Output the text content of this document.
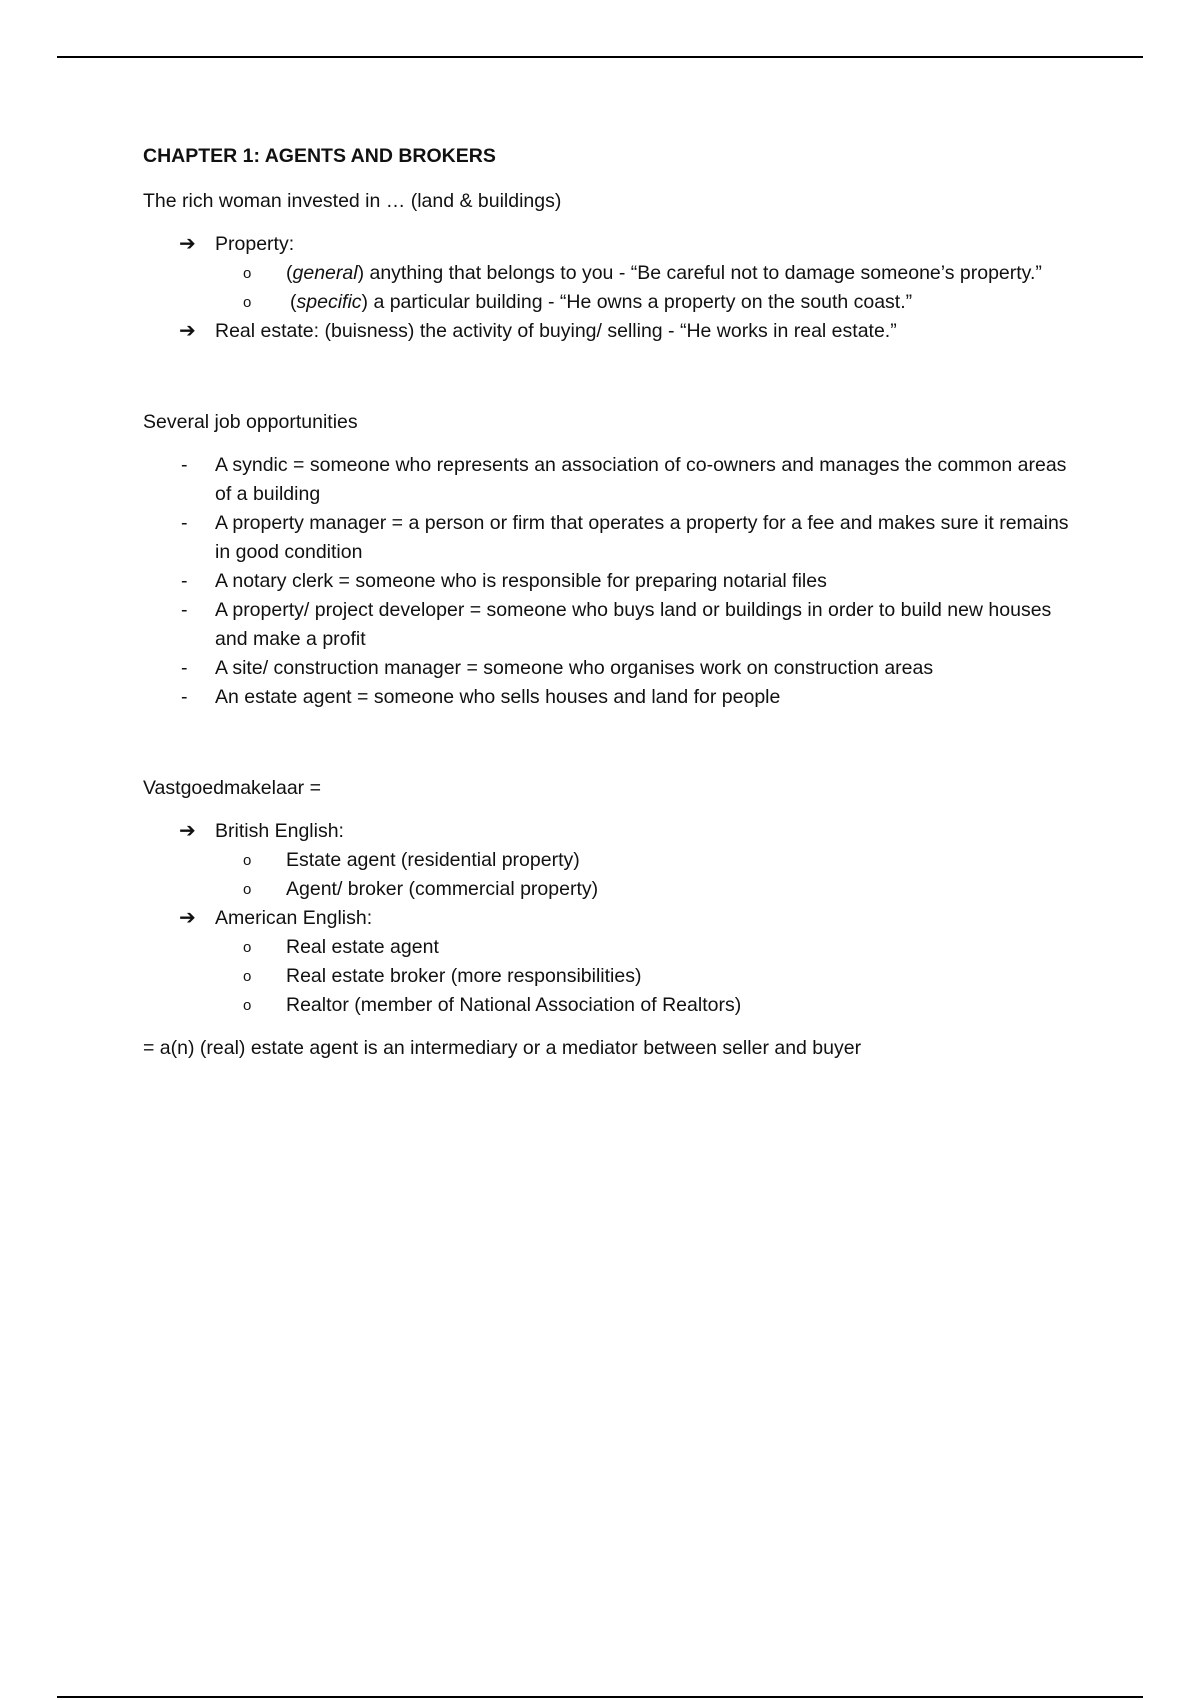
CHAPTER 1: AGENTS AND BROKERS

The rich woman invested in … (land & buildings)

➔ Property:
o (general) anything that belongs to you - “Be careful not to damage someone’s property.”
o (specific) a particular building - “He owns a property on the south coast.”
➔ Real estate: (buisness) the activity of buying/ selling - “He works in real estate.”

Several job opportunities

- A syndic = someone who represents an association of co-owners and manages the common areas of a building
- A property manager = a person or firm that operates a property for a fee and makes sure it remains in good condition
- A notary clerk = someone who is responsible for preparing notarial files
- A property/ project developer = someone who buys land or buildings in order to build new houses and make a profit
- A site/ construction manager = someone who organises work on construction areas
- An estate agent = someone who sells houses and land for people

Vastgoedmakelaar =

➔ British English:
o Estate agent (residential property)
o Agent/ broker (commercial property)
➔ American English:
o Real estate agent
o Real estate broker (more responsibilities)
o Realtor (member of National Association of Realtors)

= a(n) (real) estate agent is an intermediary or a mediator between seller and buyer
